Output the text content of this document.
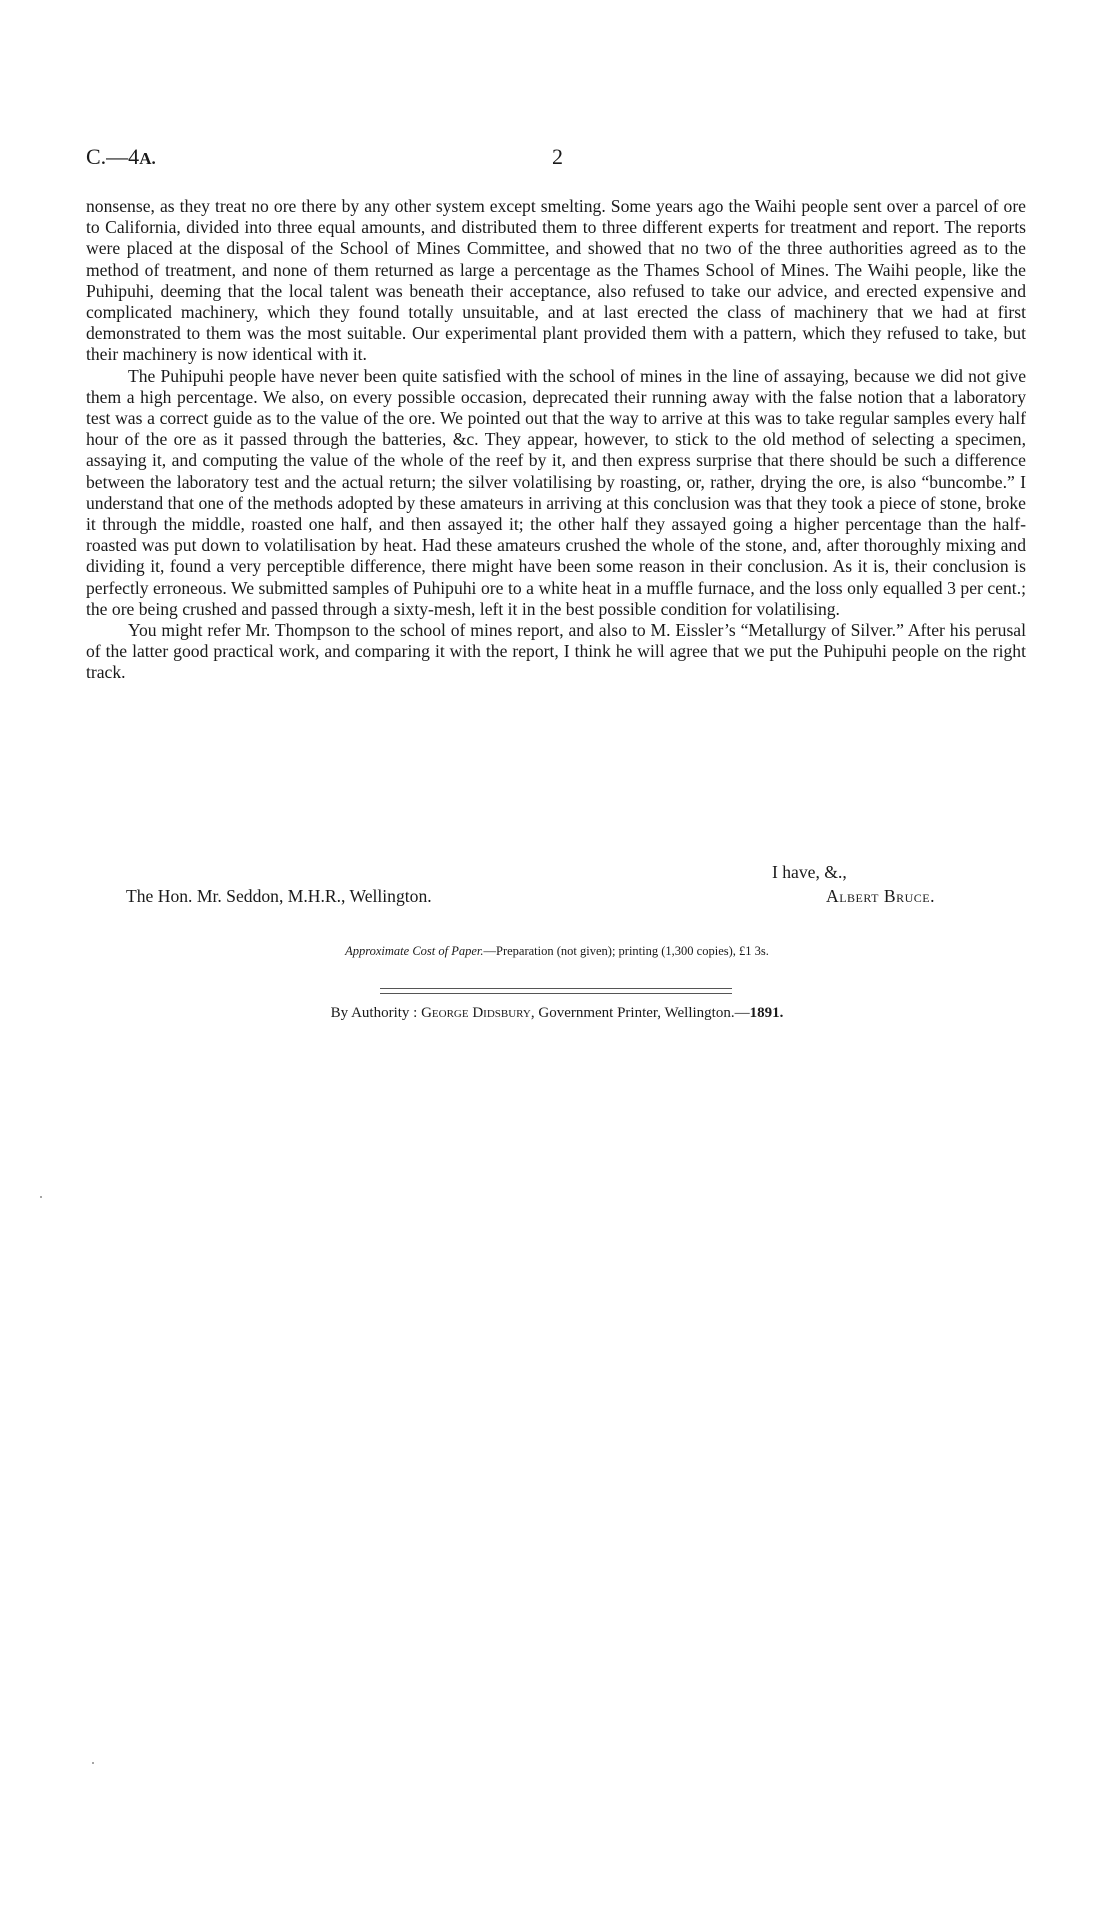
C.—4A.	2

nonsense, as they treat no ore there by any other system except smelting. Some years ago the Waihi people sent over a parcel of ore to California, divided into three equal amounts, and distributed them to three different experts for treatment and report. The reports were placed at the disposal of the School of Mines Committee, and showed that no two of the three authorities agreed as to the method of treatment, and none of them returned as large a percentage as the Thames School of Mines. The Waihi people, like the Puhipuhi, deeming that the local talent was beneath their acceptance, also refused to take our advice, and erected expensive and complicated machinery, which they found totally unsuitable, and at last erected the class of machinery that we had at first demonstrated to them was the most suitable. Our experimental plant provided them with a pattern, which they refused to take, but their machinery is now identical with it.

The Puhipuhi people have never been quite satisfied with the school of mines in the line of assaying, because we did not give them a high percentage. We also, on every possible occasion, deprecated their running away with the false notion that a laboratory test was a correct guide as to the value of the ore. We pointed out that the way to arrive at this was to take regular samples every half hour of the ore as it passed through the batteries, &c. They appear, however, to stick to the old method of selecting a specimen, assaying it, and computing the value of the whole of the reef by it, and then express surprise that there should be such a difference between the laboratory test and the actual return; the silver volatilising by roasting, or, rather, drying the ore, is also “buncombe.” I understand that one of the methods adopted by these amateurs in arriving at this conclusion was that they took a piece of stone, broke it through the middle, roasted one half, and then assayed it; the other half they assayed going a higher percentage than the half-roasted was put down to volatilisation by heat. Had these amateurs crushed the whole of the stone, and, after thoroughly mixing and dividing it, found a very perceptible difference, there might have been some reason in their conclusion. As it is, their conclusion is perfectly erroneous. We submitted samples of Puhipuhi ore to a white heat in a muffle furnace, and the loss only equalled 3 per cent.; the ore being crushed and passed through a sixty-mesh, left it in the best possible condition for volatilising.

You might refer Mr. Thompson to the school of mines report, and also to M. Eissler’s “Metallurgy of Silver.” After his perusal of the latter good practical work, and comparing it with the report, I think he will agree that we put the Puhipuhi people on the right track.

I have, &.,
The Hon. Mr. Seddon, M.H.R., Wellington.	Albert Bruce.
Approximate Cost of Paper.—Preparation (not given); printing (1,300 copies), £1 3s.
By Authority : George Didsbury, Government Printer, Wellington.—1891.
